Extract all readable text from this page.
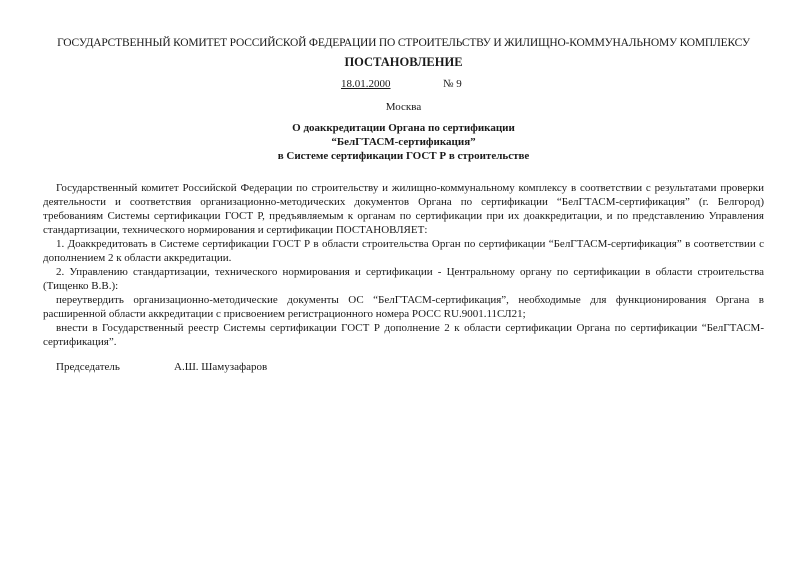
ГОСУДАРСТВЕННЫЙ КОМИТЕТ РОССИЙСКОЙ ФЕДЕРАЦИИ ПО СТРОИТЕЛЬСТВУ И ЖИЛИЩНО-КОММУНАЛЬНОМУ КОМПЛЕКСУ
ПОСТАНОВЛЕНИЕ
18.01.2000	№ 9
Москва
О доаккредитации Органа по сертификации
“БелГТАСМ-сертификация”
в Системе сертификации ГОСТ Р в строительстве

Государственный комитет Российской Федерации по строительству и жилищно-коммунальному комплексу в соответствии с результатами проверки деятельности и соответствия организационно-методических документов Органа по сертификации “БелГТАСМ-сертификация” (г. Белгород) требованиям Системы сертификации ГОСТ Р, предъявляемым к органам по сертификации при их доаккредитации, и по представлению Управления стандартизации, технического нормирования и сертификации ПОСТАНОВЛЯЕТ:

1. Доаккредитовать в Системе сертификации ГОСТ Р в области строительства Орган по сертификации “БелГТАСМ-сертификация” в соответствии с дополнением 2 к области аккредитации.

2. Управлению стандартизации, технического нормирования и сертификации - Центральному органу по сертификации в области строительства (Тищенко В.В.):

переутвердить организационно-методические документы ОС “БелГТАСМ-сертификация”, необходимые для функционирования Органа в расширенной области аккредитации с присвоением регистрационного номера РОСС RU.9001.11СЛ21;

внести в Государственный реестр Системы сертификации ГОСТ Р дополнение 2 к области сертификации Органа по сертификации “БелГТАСМ-сертификация”.

Председатель	А.Ш. Шамузафаров
